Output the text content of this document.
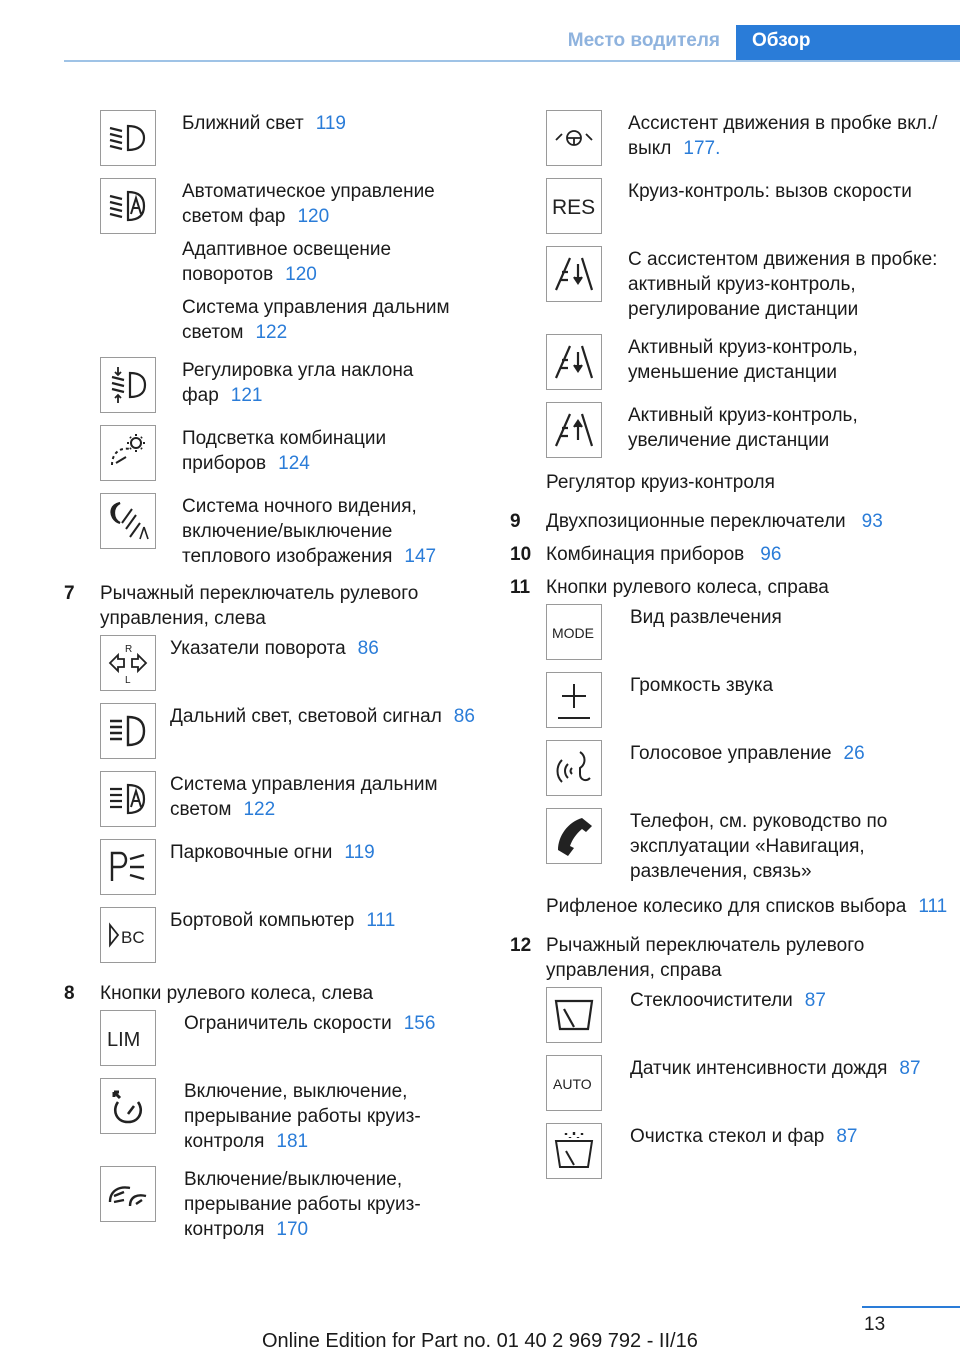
Место водителя	Обзор
Ближний свет 119
Автоматическое управление светом фар 120
Адаптивное освещение поворотов 120
Система управления дальним светом 122
Регулировка угла наклона фар 121
Подсветка комбинации приборов 124
Система ночного видения, включение/выключение теплового изображения 147
7	Рычажный переключатель рулевого управления, слева
R
L
Указатели поворота 86
Дальний свет, световой сигнал 86
Система управления дальним светом 122
Парковочные огни 119
BC
Бортовой компьютер 111
8	Кнопки рулевого колеса, слева
LIM
Ограничитель скорости 156
Включение, выключение, прерывание работы круиз-контроля 181
Включение/выключение, прерывание работы круиз-контроля 170
Ассистент движения в пробке вкл./выкл 177.
RES
Круиз-контроль: вызов скорости
С ассистентом движения в пробке: активный круиз-контроль, регулирование дистанции
Активный круиз-контроль, уменьшение дистанции
Активный круиз-контроль, увеличение дистанции
Регулятор круиз-контроля
9	Двухпозиционные переключатели 93
10 Комбинация приборов 96
11 Кнопки рулевого колеса, справа
MODE
Вид развлечения
Громкость звука
Голосовое управление 26
Телефон, см. руководство по эксплуатации «Навигация, развлечения, связь»
Рифленое колесико для списков выбора 111
12 Рычажный переключатель рулевого управления, справа
Стеклоочистители 87
AUTO
Датчик интенсивности дождя 87
Очистка стекол и фар 87
13
Online Edition for Part no. 01 40 2 969 792 - II/16
